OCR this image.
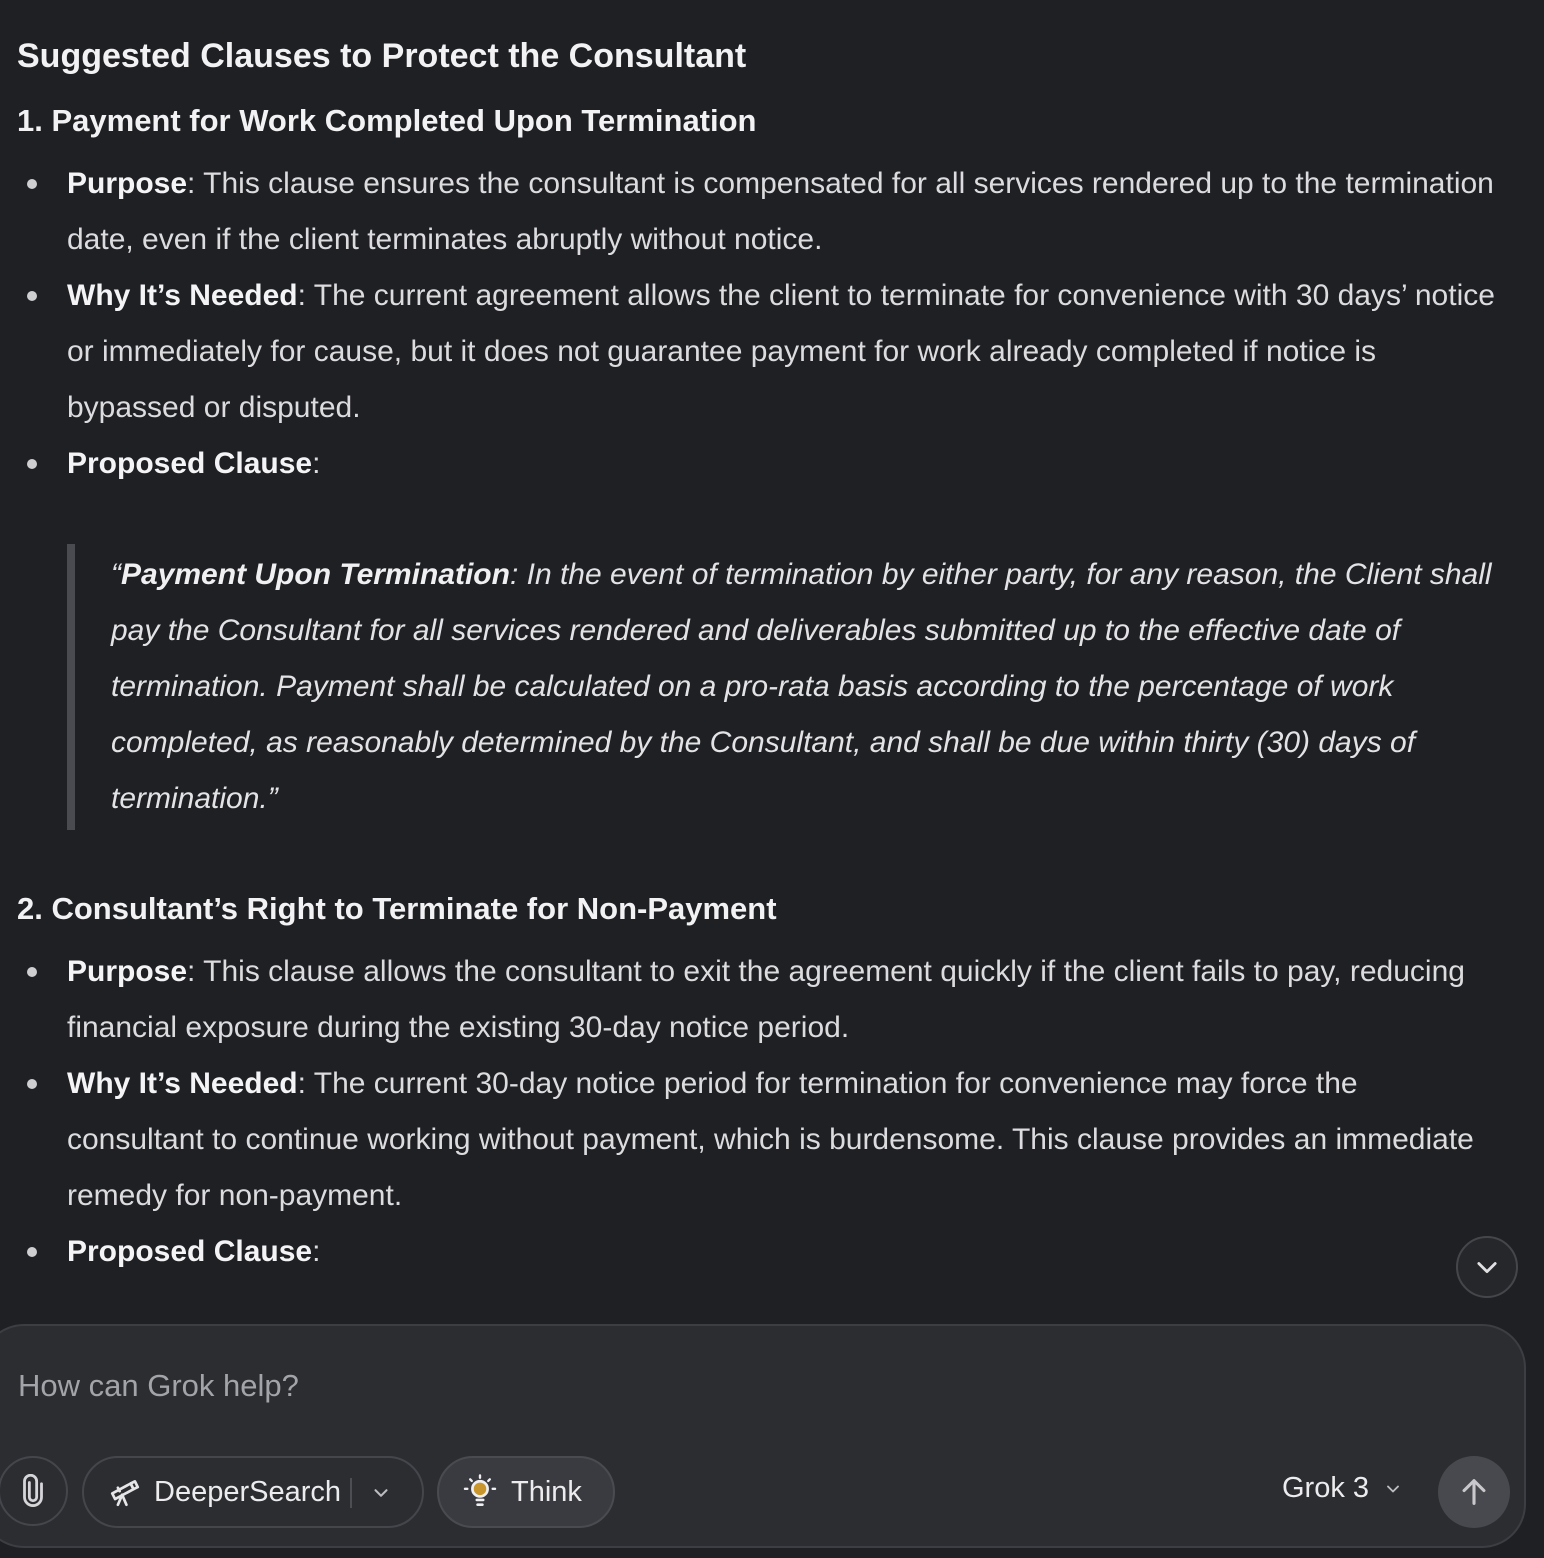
Suggested Clauses to Protect the Consultant
1. Payment for Work Completed Upon Termination
Purpose: This clause ensures the consultant is compensated for all services rendered up to the termination date, even if the client terminates abruptly without notice.
Why It’s Needed: The current agreement allows the client to terminate for convenience with 30 days’ notice or immediately for cause, but it does not guarantee payment for work already completed if notice is bypassed or disputed.
Proposed Clause:
“Payment Upon Termination: In the event of termination by either party, for any reason, the Client shall pay the Consultant for all services rendered and deliverables submitted up to the effective date of termination. Payment shall be calculated on a pro-rata basis according to the percentage of work completed, as reasonably determined by the Consultant, and shall be due within thirty (30) days of termination.”
2. Consultant’s Right to Terminate for Non-Payment
Purpose: This clause allows the consultant to exit the agreement quickly if the client fails to pay, reducing financial exposure during the existing 30-day notice period.
Why It’s Needed: The current 30-day notice period for termination for convenience may force the consultant to continue working without payment, which is burdensome. This clause provides an immediate remedy for non-payment.
Proposed Clause:
How can Grok help?
DeeperSearch	Think	Grok 3
